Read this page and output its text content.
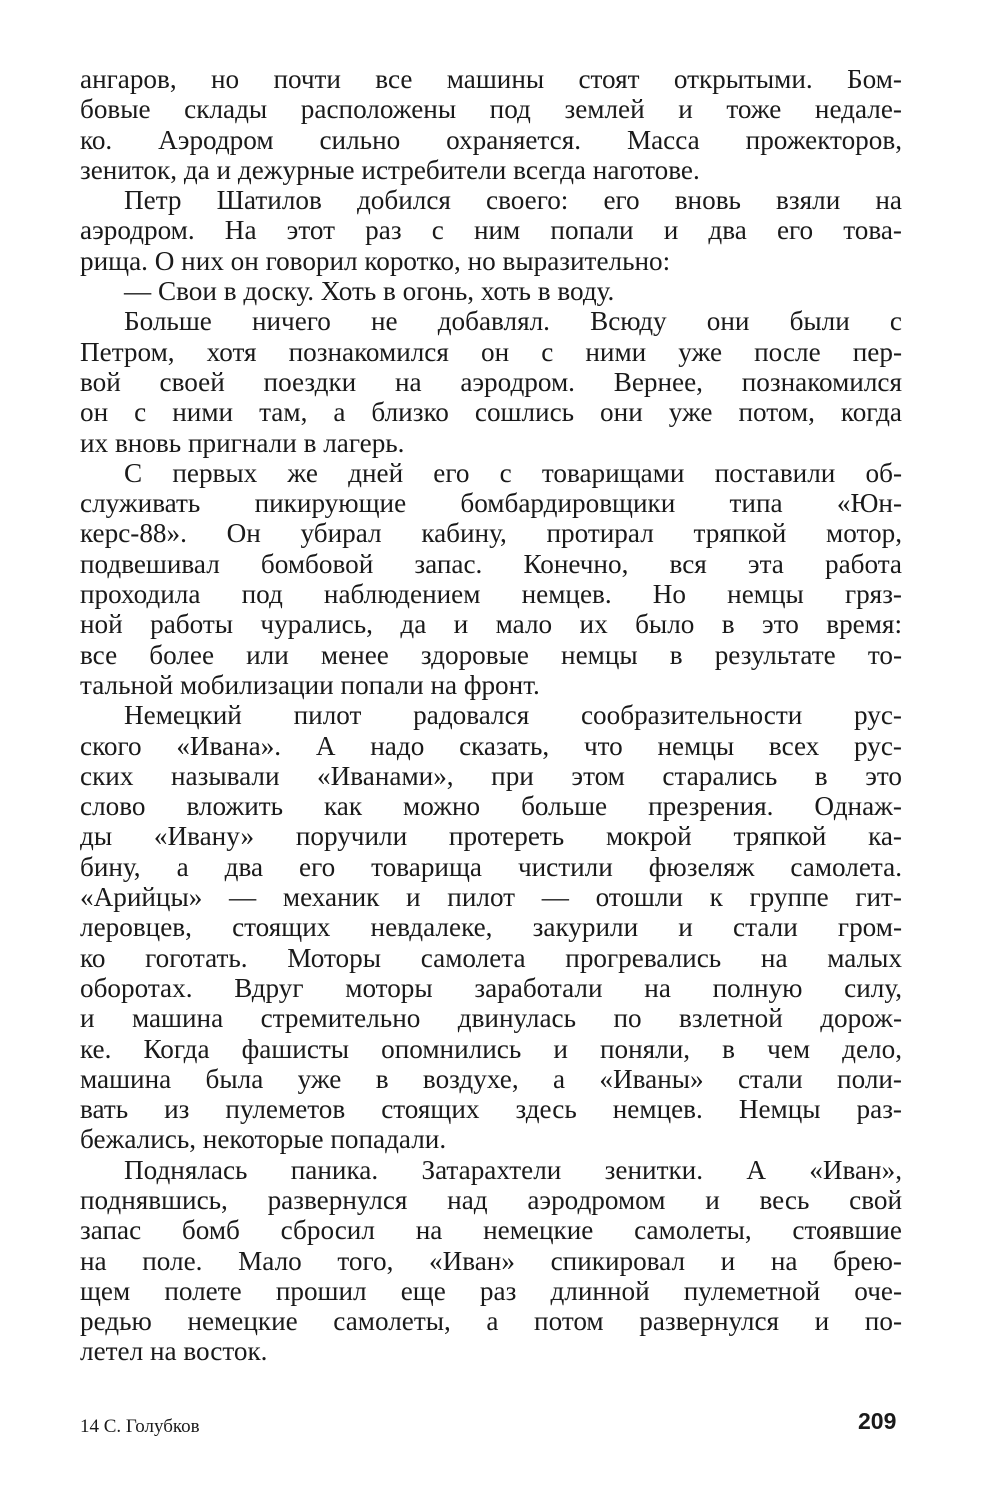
ангаров, но почти все машины стоят открытыми. Бом-
бовые склады расположены под землей и тоже недале-
ко. Аэродром сильно охраняется. Масса прожекторов,
зениток, да и дежурные истребители всегда наготове.
Петр Шатилов добился своего: его вновь взяли на
аэродром. На этот раз с ним попали и два его това-
рища. О них он говорил коротко, но выразительно:
— Свои в доску. Хоть в огонь, хоть в воду.
Больше ничего не добавлял. Всюду они были с
Петром, хотя познакомился он с ними уже после пер-
вой своей поездки на аэродром. Вернее, познакомился
он с ними там, а близко сошлись они уже потом, когда
их вновь пригнали в лагерь.
С первых же дней его с товарищами поставили об-
служивать пикирующие бомбардировщики типа «Юн-
керс-88». Он убирал кабину, протирал тряпкой мотор,
подвешивал бомбовой запас. Конечно, вся эта работа
проходила под наблюдением немцев. Но немцы гряз-
ной работы чурались, да и мало их было в это время:
все более или менее здоровые немцы в результате то-
тальной мобилизации попали на фронт.
Немецкий пилот радовался сообразительности рус-
ского «Ивана». А надо сказать, что немцы всех рус-
ских называли «Иванами», при этом старались в это
слово вложить как можно больше презрения. Однаж-
ды «Ивану» поручили протереть мокрой тряпкой ка-
бину, а два его товарища чистили фюзеляж самолета.
«Арийцы» — механик и пилот — отошли к группе гит-
леровцев, стоящих невдалеке, закурили и стали гром-
ко гоготать. Моторы самолета прогревались на малых
оборотах. Вдруг моторы заработали на полную силу,
и машина стремительно двинулась по взлетной дорож-
ке. Когда фашисты опомнились и поняли, в чем дело,
машина была уже в воздухе, а «Иваны» стали поли-
вать из пулеметов стоящих здесь немцев. Немцы раз-
бежались, некоторые попадали.
Поднялась паника. Затарахтели зенитки. А «Иван»,
поднявшись, развернулся над аэродромом и весь свой
запас бомб сбросил на немецкие самолеты, стоявшие
на поле. Мало того, «Иван» спикировал и на брею-
щем полете прошил еще раз длинной пулеметной оче-
редью немецкие самолеты, а потом развернулся и по-
летел на восток.
14 С. Голубков	209
